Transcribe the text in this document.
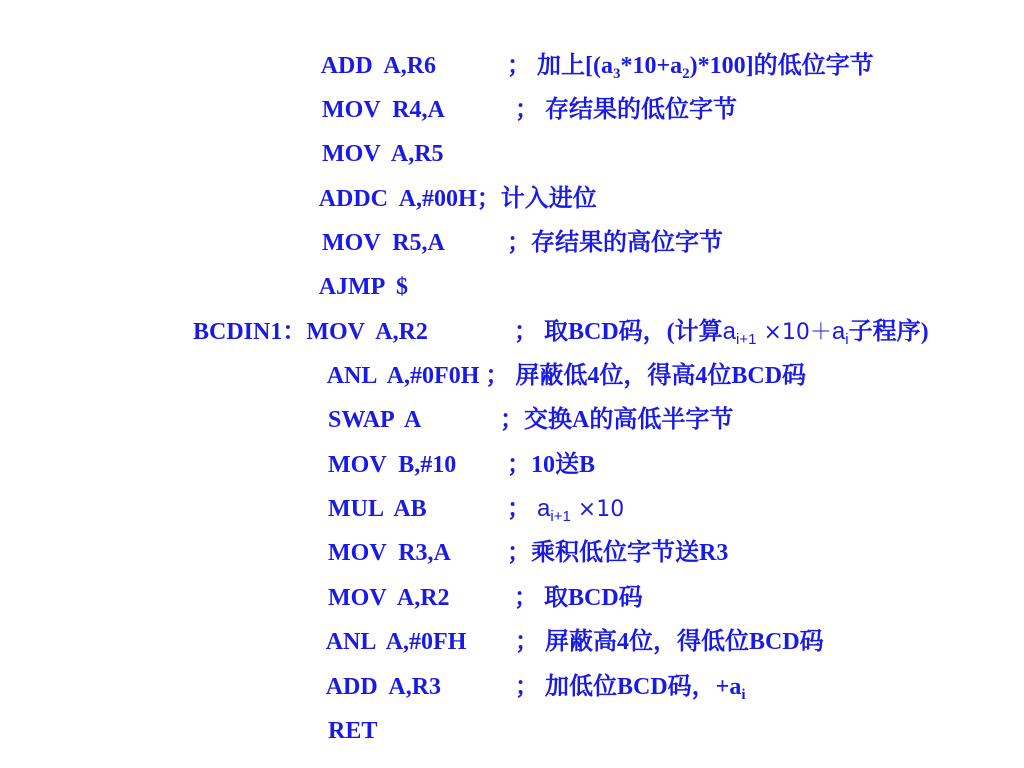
ADD  A,R6	； 加上$[(a_3*10+a_2)*100]$的低位字节

MOV  R4,A	； 存结果的低位字节

MOV  A,R5

ADDC  A,#00H；计入进位

MOV  R5,A	；存结果的高位字节

AJMP  $

BCDIN1：MOV  A,R2	； 取BCD码，(计算$a_{i+1} \times 10+a_i$子程序)

ANL  A,#0F0H ； 屏蔽低4位，得高4位BCD码

SWAP  A	；交换A的高低半字节

MOV  B,#10	；10送B

MUL  AB	； $a_{i+1} \times 10$

MOV  R3,A	；乘积低位字节送R3

MOV  A,R2	； 取BCD码

ANL  A,#0FH	； 屏蔽高4位，得低位BCD码

ADD  A,R3	； 加低位BCD码，$+a_i$

RET
